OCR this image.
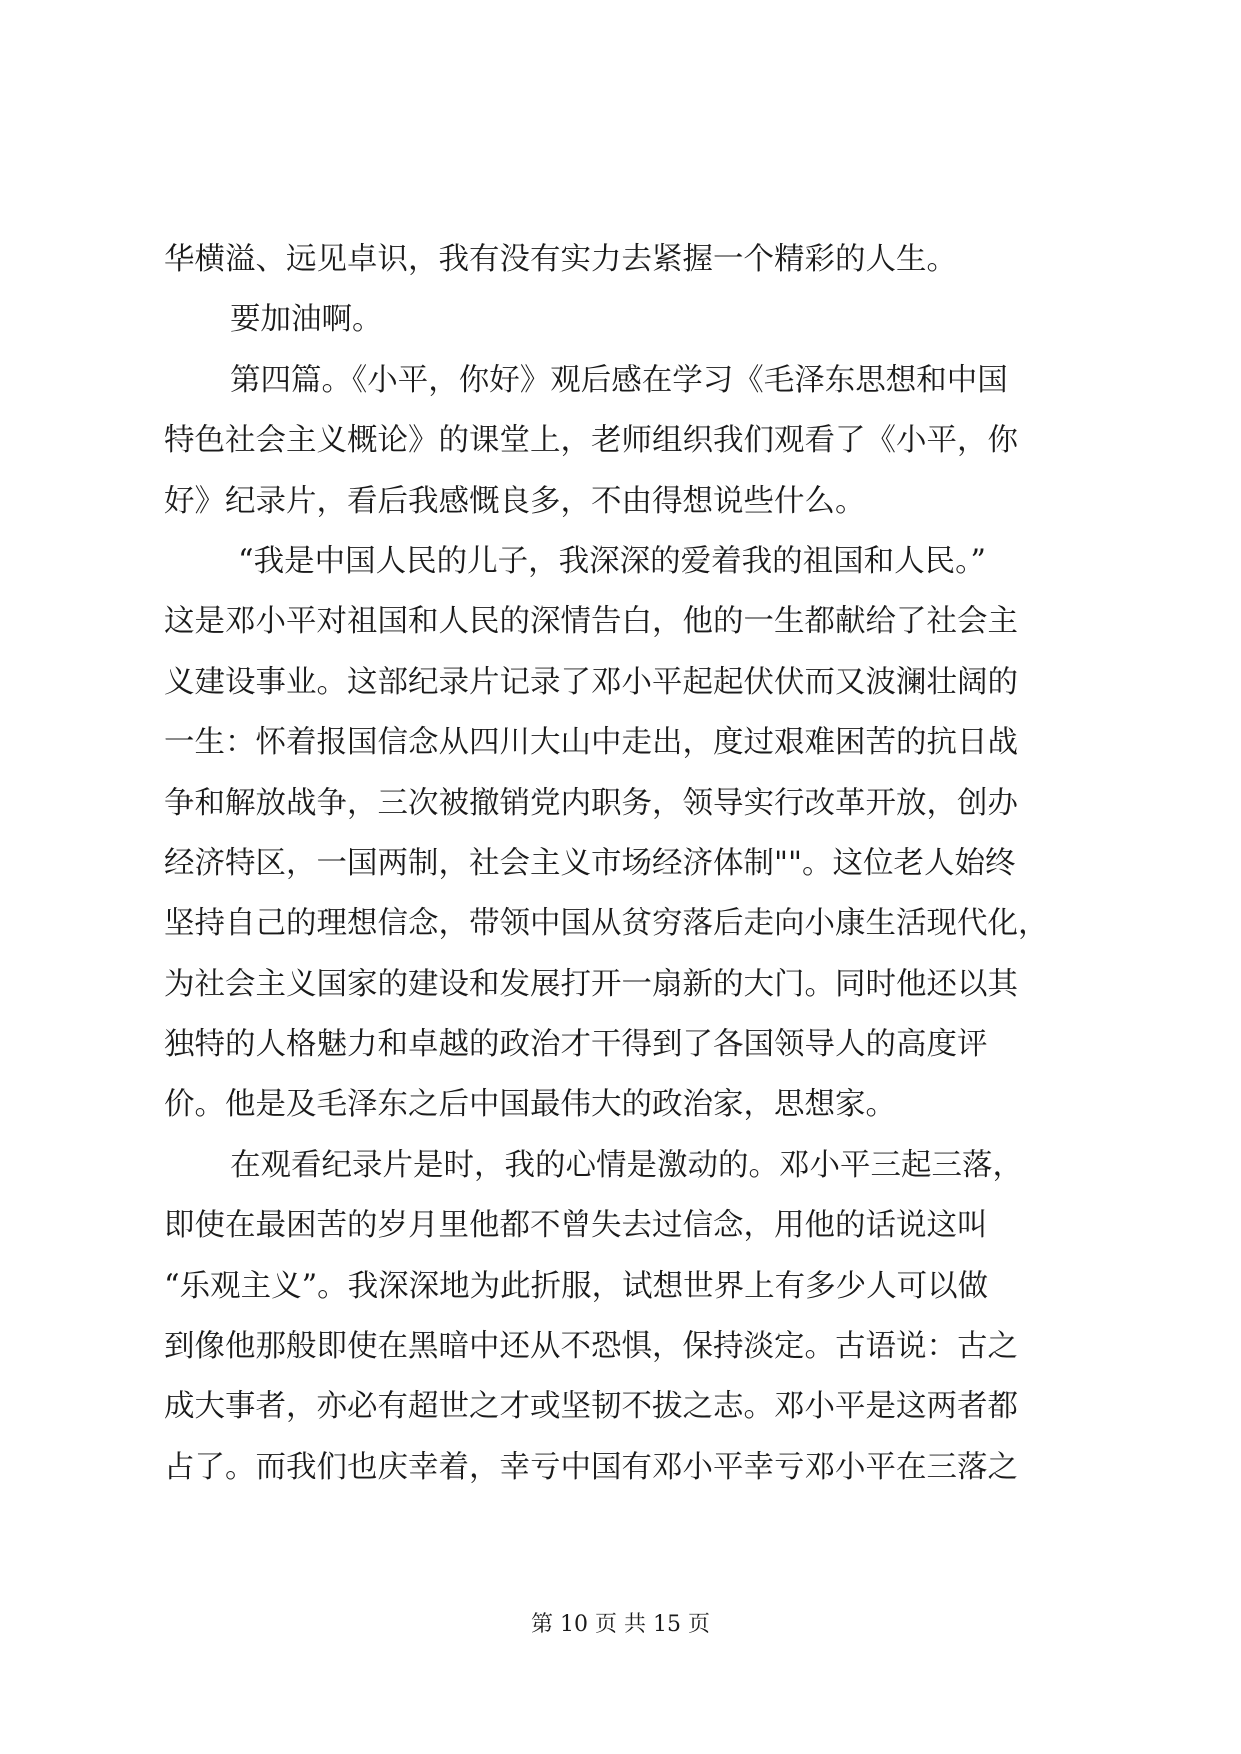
华横溢、远见卓识，我有没有实力去紧握一个精彩的人生。
要加油啊。
第四篇。《小平，你好》观后感在学习《毛泽东思想和中国
特色社会主义概论》的课堂上，老师组织我们观看了《小平，你
好》纪录片，看后我感慨良多，不由得想说些什么。
“我是中国人民的儿子，我深深的爱着我的祖国和人民。”
这是邓小平对祖国和人民的深情告白，他的一生都献给了社会主
义建设事业。这部纪录片记录了邓小平起起伏伏而又波澜壮阔的
一生：怀着报国信念从四川大山中走出，度过艰难困苦的抗日战
争和解放战争，三次被撤销党内职务，领导实行改革开放，创办
经济特区，一国两制，社会主义市场经济体制""。这位老人始终
坚持自己的理想信念，带领中国从贫穷落后走向小康生活现代化，
为社会主义国家的建设和发展打开一扇新的大门。同时他还以其
独特的人格魅力和卓越的政治才干得到了各国领导人的高度评
价。他是及毛泽东之后中国最伟大的政治家，思想家。
在观看纪录片是时，我的心情是激动的。邓小平三起三落，
即使在最困苦的岁月里他都不曾失去过信念，用他的话说这叫
“乐观主义”。我深深地为此折服，试想世界上有多少人可以做
到像他那般即使在黑暗中还从不恐惧，保持淡定。古语说：古之
成大事者，亦必有超世之才或坚韧不拔之志。邓小平是这两者都
占了。而我们也庆幸着，幸亏中国有邓小平幸亏邓小平在三落之
第 10 页 共 15 页
